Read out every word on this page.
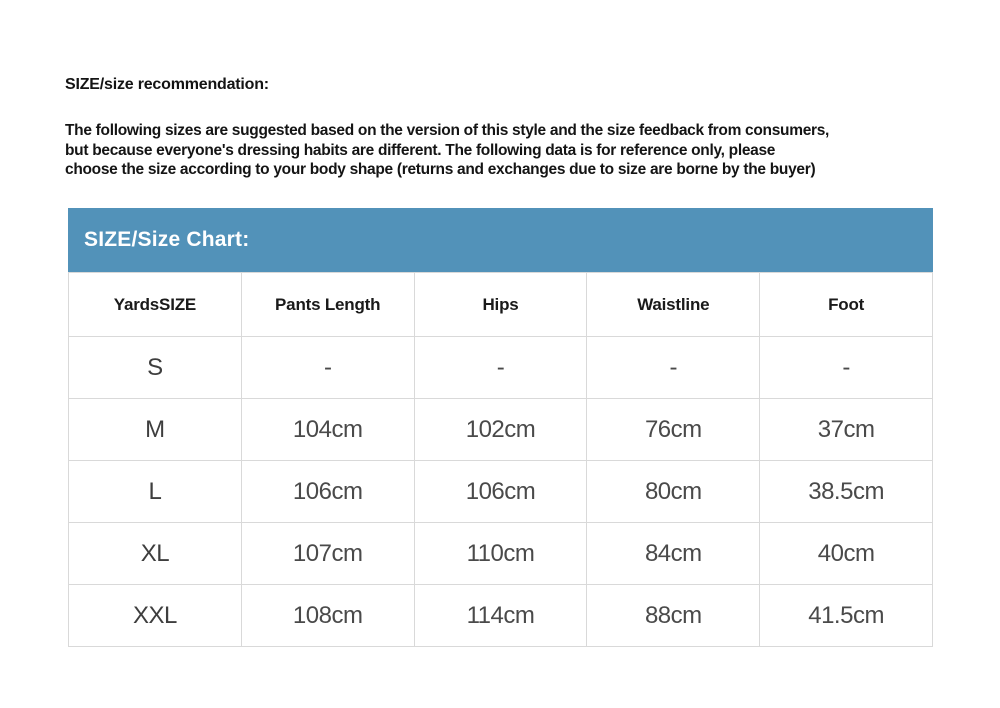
SIZE/size recommendation:
The following sizes are suggested based on the version of this style and the size feedback from consumers,
but because everyone's dressing habits are different. The following data is for reference only, please
choose the size according to your body shape (returns and exchanges due to size are borne by the buyer)
SIZE/Size Chart:
YardsSIZE	Pants Length	Hips	Waistline	Foot
S	-	-	-	-
M	104cm	102cm	76cm	37cm
L	106cm	106cm	80cm	38.5cm
XL	107cm	110cm	84cm	40cm
XXL	108cm	114cm	88cm	41.5cm
